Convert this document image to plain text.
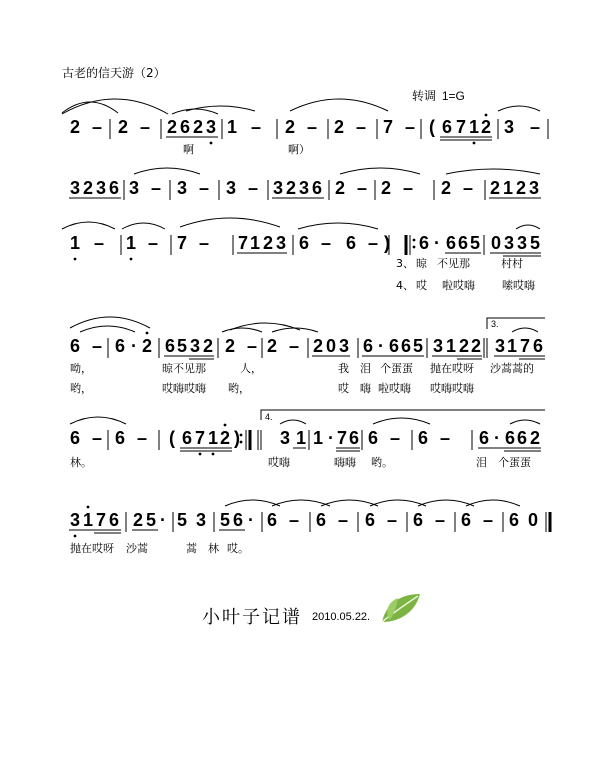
古老的信天游（2）
转调 1=G
2 – 2 – 2 6 2 3 1 – 2 – 2 – 7 – ( 6 7 1 2 3 –
啊	啊）
3 2 3 6 3 – 3 – 3 – 3 2 3 6 2 – 2 – 2 – 2 1 2 3
1 – 1 – 7 – 7 1 2 3 6 – 6 – ) 6 · 6 6 5 0 3 3 5
3、 晾 不见那	村村
4、 哎 啦哎嗨 嗦哎嗨
6 – 6 · 2 6 5 3 2 2 – 2 – 2 0 3 6 · 6 6 5 3 1 2 2 3 1 7 6
呦，	晾不见那	人，	我 泪 个蛋蛋 抛在哎呀 沙蒿蒿的
哟，	哎嗨哎嗨 哟，	哎 嗨 啦哎嗨 哎嗨哎嗨
6 – 6 – ( 6 7 1 2 ) 3 1 1 · 7 6 6 – 6 – 6 · 6 6 2
林。	哎嗨	嗨嗨 哟。	泪 个蛋蛋
3 1 7 6 2 5 · 5 3 5 6 · 6 – 6 – 6 – 6 – 6 – 6 0
抛在哎呀 沙蒿	蒿 林 哎。
3.
4.
小叶子记谱 2010.05.22.
